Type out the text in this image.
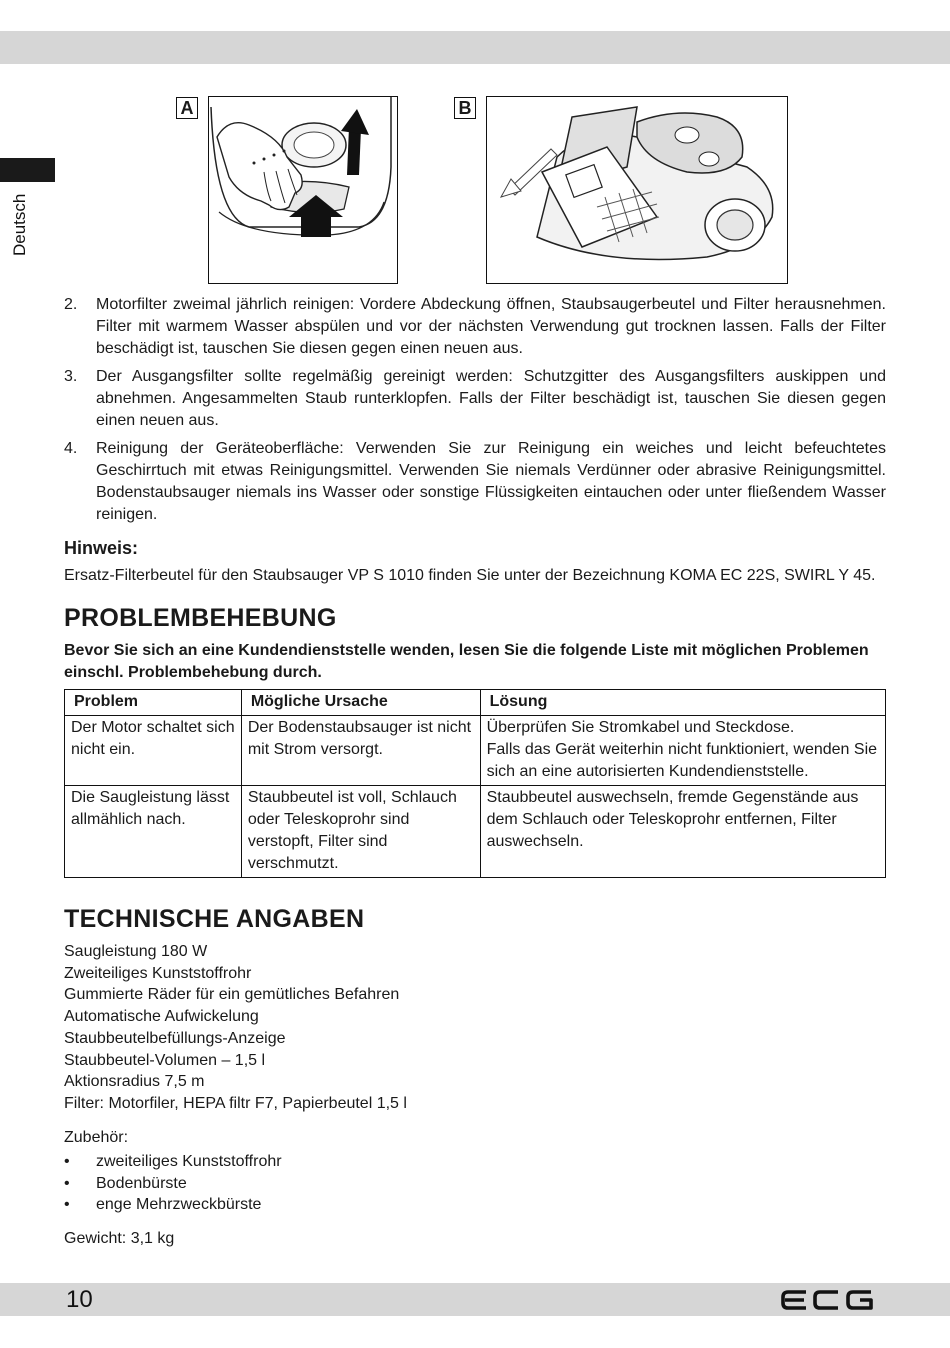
Deutsch
A	B
2. Motorfilter zweimal jährlich reinigen: Vordere Abdeckung öffnen, Staubsaugerbeutel und Filter herausnehmen. Filter mit warmem Wasser abspülen und vor der nächsten Verwendung gut trocknen lassen. Falls der Filter beschädigt ist, tauschen Sie diesen gegen einen neuen aus.
3. Der Ausgangsfilter sollte regelmäßig gereinigt werden: Schutzgitter des Ausgangsfilters auskippen und abnehmen. Angesammelten Staub runterklopfen. Falls der Filter beschädigt ist, tauschen Sie diesen gegen einen neuen aus.
4. Reinigung der Geräteoberfläche: Verwenden Sie zur Reinigung ein weiches und leicht befeuchtetes Geschirrtuch mit etwas Reinigungsmittel. Verwenden Sie niemals Verdünner oder abrasive Reinigungsmittel. Bodenstaubsauger niemals ins Wasser oder sonstige Flüssigkeiten eintauchen oder unter fließendem Wasser reinigen.
Hinweis:

Ersatz-Filterbeutel für den Staubsauger VP S 1010 finden Sie unter der Bezeichnung KOMA EC 22S, SWIRL Y 45.

PROBLEMBEHEBUNG

Bevor Sie sich an eine Kundendienststelle wenden, lesen Sie die folgende Liste mit möglichen Problemen einschl. Problembehebung durch.

Problem	Mögliche Ursache	Lösung
Der Motor schaltet sich nicht ein.	Der Bodenstaubsauger ist nicht mit Strom versorgt.	Überprüfen Sie Stromkabel und Steckdose.
Falls das Gerät weiterhin nicht funktioniert, wenden Sie sich an eine autorisierten Kundendienststelle.

Die Saugleistung lässt allmählich nach.	Staubbeutel ist voll, Schlauch oder Teleskoprohr sind verstopft, Filter sind verschmutzt.	Staubbeutel auswechseln, fremde Gegenstände aus dem Schlauch oder Teleskoprohr entfernen, Filter auswechseln.
TECHNISCHE ANGABEN
Saugleistung 180 W
Zweiteiliges Kunststoffrohr
Gummierte Räder für ein gemütliches Befahren
Automatische Aufwickelung
Staubbeutelbefüllungs-Anzeige
Staubbeutel-Volumen – 1,5 l
Aktionsradius 7,5 m
Filter: Motorfiler, HEPA filtr F7, Papierbeutel 1,5 l

Zubehör:

• zweiteiliges Kunststoffrohr
• Bodenbürste
• enge Mehrzweckbürste

Gewicht: 3,1 kg

10
